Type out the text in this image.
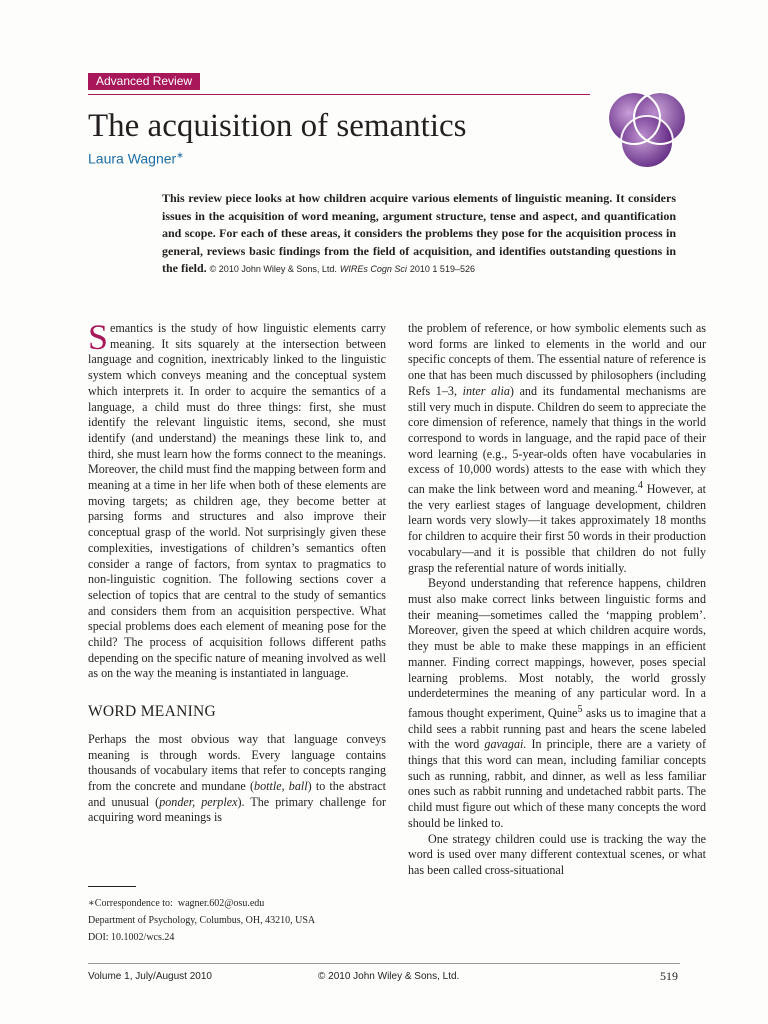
Advanced Review
The acquisition of semantics
Laura Wagner∗

This review piece looks at how children acquire various elements of linguistic meaning. It considers issues in the acquisition of word meaning, argument structure, tense and aspect, and quantification and scope. For each of these areas, it considers the problems they pose for the acquisition process in general, reviews basic findings from the field of acquisition, and identifies outstanding questions in the field. © 2010 John Wiley & Sons, Ltd. WIREs Cogn Sci 2010 1 519–526

Semantics is the study of how linguistic elements carry meaning. It sits squarely at the intersection between language and cognition, inextricably linked to the linguistic system which conveys meaning and the conceptual system which interprets it. In order to acquire the semantics of a language, a child must do three things: first, she must identify the relevant linguistic items, second, she must identify (and understand) the meanings these link to, and third, she must learn how the forms connect to the meanings. Moreover, the child must find the mapping between form and meaning at a time in her life when both of these elements are moving targets; as children age, they become better at parsing forms and structures and also improve their conceptual grasp of the world. Not surprisingly given these complexities, investigations of children’s semantics often consider a range of factors, from syntax to pragmatics to non-linguistic cognition. The following sections cover a selection of topics that are central to the study of semantics and considers them from an acquisition perspective. What special problems does each element of meaning pose for the child? The process of acquisition follows different paths depending on the specific nature of meaning involved as well as on the way the meaning is instantiated in language.

WORD MEANING

Perhaps the most obvious way that language conveys meaning is through words. Every language contains thousands of vocabulary items that refer to concepts ranging from the concrete and mundane (bottle, ball) to the abstract and unusual (ponder, perplex). The primary challenge for acquiring word meanings is

the problem of reference, or how symbolic elements such as word forms are linked to elements in the world and our specific concepts of them. The essential nature of reference is one that has been much discussed by philosophers (including Refs 1–3, inter alia) and its fundamental mechanisms are still very much in dispute. Children do seem to appreciate the core dimension of reference, namely that things in the world correspond to words in language, and the rapid pace of their word learning (e.g., 5-year-olds often have vocabularies in excess of 10,000 words) attests to the ease with which they can make the link between word and meaning.$^4$ However, at the very earliest stages of language development, children learn words very slowly—it takes approximately 18 months for children to acquire their first 50 words in their production vocabulary—and it is possible that children do not fully grasp the referential nature of words initially.

Beyond understanding that reference happens, children must also make correct links between linguistic forms and their meaning—sometimes called the ‘mapping problem’. Moreover, given the speed at which children acquire words, they must be able to make these mappings in an efficient manner. Finding correct mappings, however, poses special learning problems. Most notably, the world grossly underdetermines the meaning of any particular word. In a famous thought experiment, Quine$^5$ asks us to imagine that a child sees a rabbit running past and hears the scene labeled with the word gavagai. In principle, there are a variety of things that this word can mean, including familiar concepts such as running, rabbit, and dinner, as well as less familiar ones such as rabbit running and undetached rabbit parts. The child must figure out which of these many concepts the word should be linked to.

One strategy children could use is tracking the way the word is used over many different contextual scenes, or what has been called cross-situational

∗Correspondence to: wagner.602@osu.edu
Department of Psychology, Columbus, OH, 43210, USA
DOI: 10.1002/wcs.24
Volume 1, July/August 2010	© 2010 John Wiley & Sons, Ltd.	519
